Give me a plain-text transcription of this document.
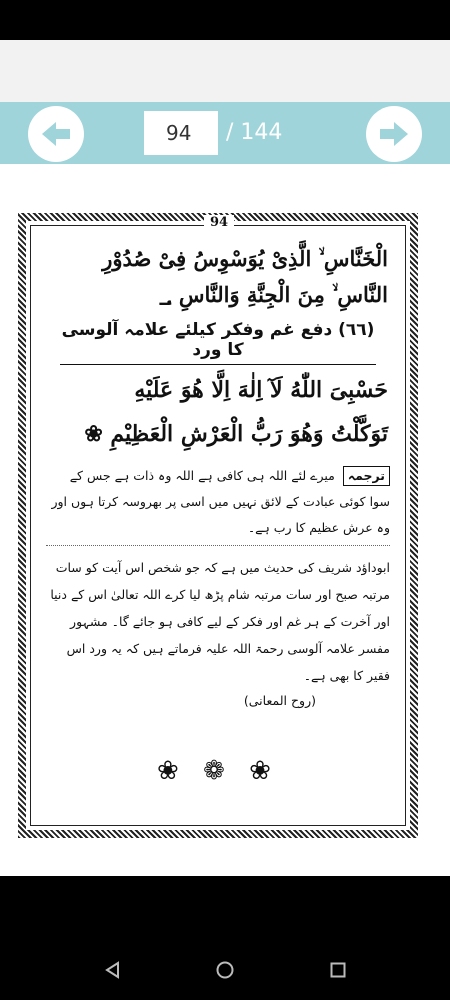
94
/ 144
94

الْخَنَّاسِ ۙ الَّذِیْ یُوَسْوِسُ فِیْ صُدُوْرِ

النَّاسِ ۙ مِنَ الْجِنَّةِ وَالنَّاسِ ؀

(٦٦) دفع غم وفکر کیلئے علامہ آلوسی کا ورد

حَسْبِیَ اللّٰهُ لَآ اِلٰهَ اِلَّا هُوَ عَلَیْهِ

تَوَکَّلْتُ وَهُوَ رَبُّ الْعَرْشِ الْعَظِیْمِ ❀

ترجمہ میرے لئے اللہ ہی کافی ہے اللہ وہ ذات ہے جس کے سوا کوئی عبادت کے لائق نہیں میں اسی پر بھروسہ کرتا ہوں اور وہ عرش عظیم کا رب ہے۔

ابوداؤد شریف کی حدیث میں ہے کہ جو شخص اس آیت کو سات مرتبہ صبح اور سات مرتبہ شام پڑھ لیا کرے اللہ تعالیٰ اس کے دنیا اور آخرت کے ہر غم اور فکر کے لیے کافی ہو جائے گا۔ مشہور مفسر علامہ آلوسی رحمۃ اللہ علیہ فرماتے ہیں کہ یہ ورد اس فقیر کا بھی ہے۔

(روح المعانی)
❀ ❁ ❀
